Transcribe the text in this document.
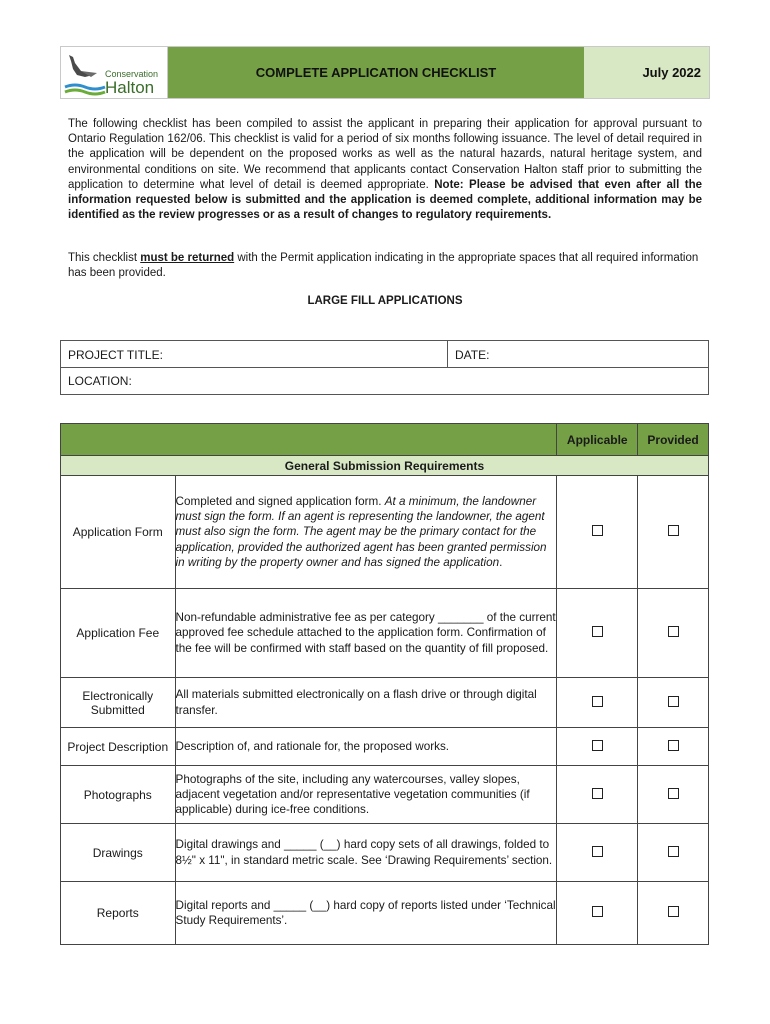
Conservation
Halton
COMPLETE APPLICATION CHECKLIST	July 2022
The following checklist has been compiled to assist the applicant in preparing their application for approval pursuant to Ontario Regulation 162/06. This checklist is valid for a period of six months following issuance. The level of detail required in the application will be dependent on the proposed works as well as the natural hazards, natural heritage system, and environmental conditions on site. We recommend that applicants contact Conservation Halton staff prior to submitting the application to determine what level of detail is deemed appropriate. Note: Please be advised that even after all the information requested below is submitted and the application is deemed complete, additional information may be identified as the review progresses or as a result of changes to regulatory requirements.
This checklist must be returned with the Permit application indicating in the appropriate spaces that all required information has been provided.
LARGE FILL APPLICATIONS
PROJECT TITLE:	DATE:
LOCATION:
		Applicable	Provided
General Submission Requirements			
Application Form	Completed and signed application form. At a minimum, the landowner must sign the form. If an agent is representing the landowner, the agent must also sign the form. The agent may be the primary contact for the application, provided the authorized agent has been granted permission in writing by the property owner and has signed the application.		
Application Fee	Non-refundable administrative fee as per category _______ of the current approved fee schedule attached to the application form. Confirmation of the fee will be confirmed with staff based on the quantity of fill proposed.		
Electronically Submitted	All materials submitted electronically on a flash drive or through digital transfer.		
Project Description	Description of, and rationale for, the proposed works.		
Photographs	Photographs of the site, including any watercourses, valley slopes, adjacent vegetation and/or representative vegetation communities (if applicable) during ice-free conditions.		
Drawings	Digital drawings and _____ (__) hard copy sets of all drawings, folded to 8½" x 11", in standard metric scale. See ‘Drawing Requirements’ section.		
Reports	Digital reports and _____ (__) hard copy of reports listed under ‘Technical Study Requirements’.		
